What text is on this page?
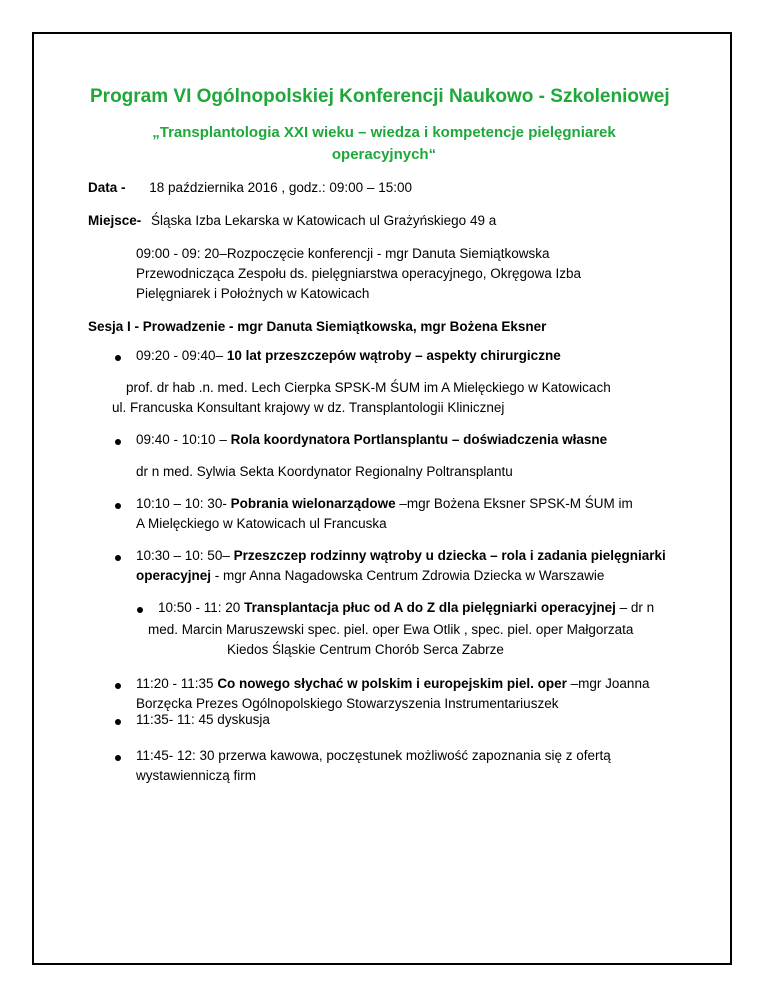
Program VI Ogólnopolskiej Konferencji Naukowo - Szkoleniowej
„Transplantologia XXI wieku – wiedza i kompetencje pielęgniarek
operacyjnych“
Data - 18 października 2016 , godz.: 09:00 – 15:00
Miejsce- Śląska Izba Lekarska w Katowicach ul Grażyńskiego 49 a
09:00 - 09: 20–Rozpoczęcie konferencji - mgr Danuta Siemiątkowska
Przewodnicząca Zespołu ds. pielęgniarstwa operacyjnego, Okręgowa Izba
Pielęgniarek i Położnych w Katowicach
Sesja I - Prowadzenie - mgr Danuta Siemiątkowska, mgr Bożena Eksner
09:20 - 09:40– 10 lat przeszczepów wątroby – aspekty chirurgiczne
prof. dr hab .n. med. Lech Cierpka SPSK-M ŚUM im A Mielęckiego w Katowicach
ul. Francuska Konsultant krajowy w dz. Transplantologii Klinicznej
09:40 - 10:10 – Rola koordynatora Portlansplantu – doświadczenia własne
dr n med. Sylwia Sekta Koordynator Regionalny Poltransplantu
10:10 – 10: 30- Pobrania wielonarządowe –mgr Bożena Eksner SPSK-M ŚUM im
A Mielęckiego w Katowicach ul Francuska
10:30 – 10: 50– Przeszczep rodzinny wątroby u dziecka – rola i zadania pielęgniarki
operacyjnej - mgr Anna Nagadowska Centrum Zdrowia Dziecka w Warszawie
10:50 - 11: 20 Transplantacja płuc od A do Z dla pielęgniarki operacyjnej – dr n
med. Marcin Maruszewski spec. piel. oper Ewa Otlik , spec. piel. oper Małgorzata
Kiedos Śląskie Centrum Chorób Serca Zabrze
11:20 - 11:35 Co nowego słychać w polskim i europejskim piel. oper –mgr Joanna
Borzęcka Prezes Ogólnopolskiego Stowarzyszenia Instrumentariuszek
11:35- 11: 45 dyskusja
11:45- 12: 30 przerwa kawowa, poczęstunek możliwość zapoznania się z ofertą
wystawienniczą firm
